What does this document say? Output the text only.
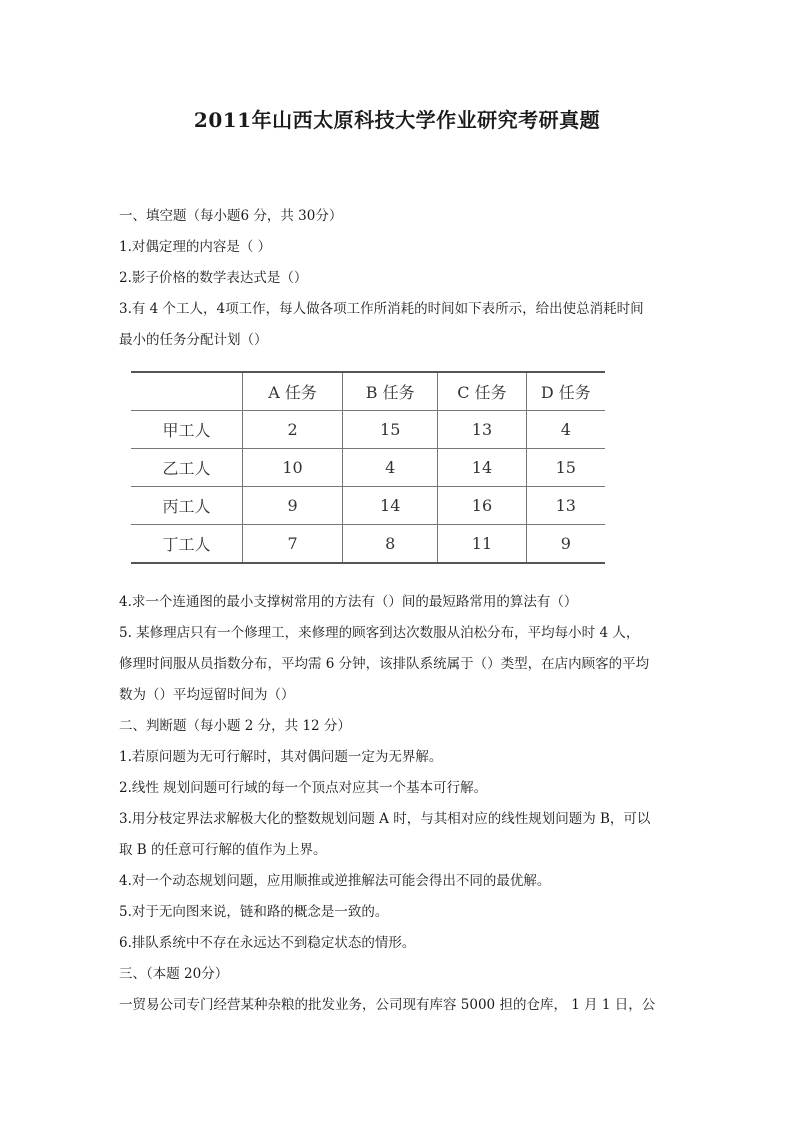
2011年山西太原科技大学作业研究考研真题

一、填空题（每小题6 分，共 30分）

1.对偶定理的内容是（ ）

2.影子价格的数学表达式是（）

3.有 4 个工人，4项工作，每人做各项工作所消耗的时间如下表所示，给出使总消耗时间

最小的任务分配计划（）

	A 任务	B 任务	C 任务	D 任务
甲工人	2	15	13	4
乙工人	10	4	14	15
丙工人	9	14	16	13
丁工人	7	8	11	9

4.求一个连通图的最小支撑树常用的方法有（）间的最短路常用的算法有（）

5. 某修理店只有一个修理工，来修理的顾客到达次数服从泊松分布，平均每小时 4 人，

修理时间服从员指数分布，平均需 6 分钟，该排队系统属于（）类型，在店内顾客的平均

数为（）平均逗留时间为（）

二、判断题（每小题 2 分，共 12 分）

1.若原问题为无可行解时，其对偶问题一定为无界解。

2.线性 规划问题可行域的每一个顶点对应其一个基本可行解。

3.用分枝定界法求解极大化的整数规划问题 A 时，与其相对应的线性规划问题为 B，可以

取 B 的任意可行解的值作为上界。

4.对一个动态规划问题，应用顺推或逆推解法可能会得出不同的最优解。

5.对于无向图来说，链和路的概念是一致的。

6.排队系统中不存在永远达不到稳定状态的情形。

三、（本题 20分）

一贸易公司专门经营某种杂粮的批发业务，公司现有库容 5000 担的仓库， 1 月 1 日，公
